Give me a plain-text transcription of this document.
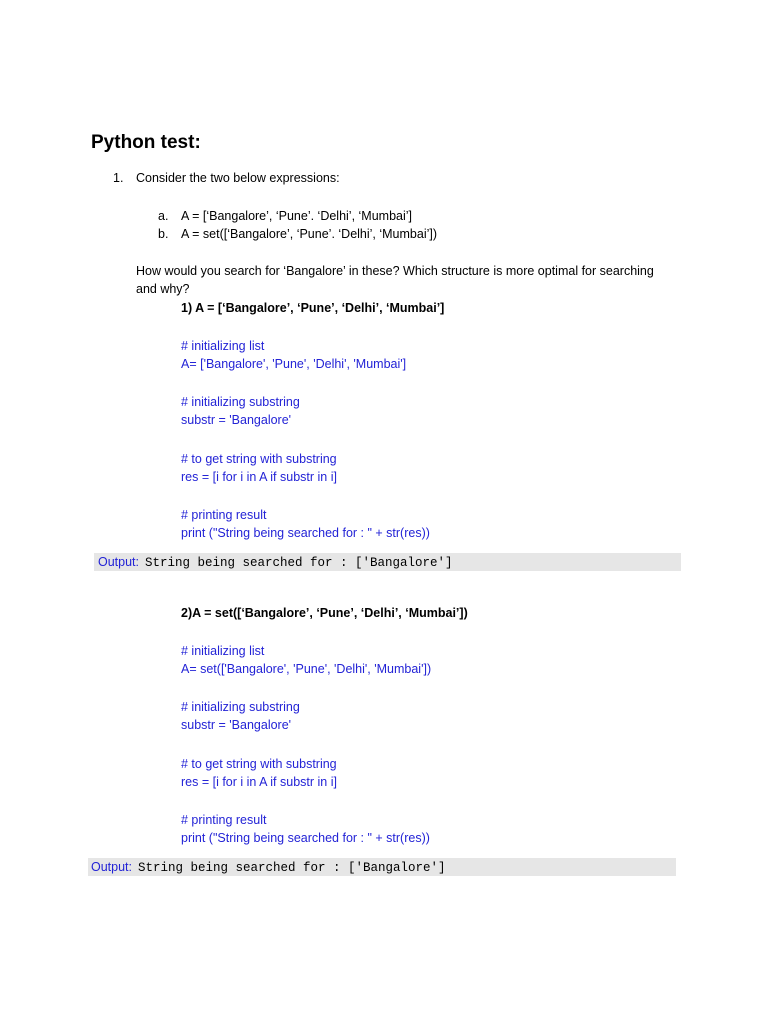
Python test:
1. Consider the two below expressions:
a. A = [‘Bangalore’, ‘Pune’. ‘Delhi’, ‘Mumbai’]
b. A = set([‘Bangalore’, ‘Pune’. ‘Delhi’, ‘Mumbai’])
How would you search for ‘Bangalore’ in these? Which structure is more optimal for searching
and why?
1) A = [‘Bangalore’, ‘Pune’, ‘Delhi’, ‘Mumbai’]
# initializing list
A= ['Bangalore', 'Pune', 'Delhi', 'Mumbai']
# initializing substring
substr = 'Bangalore'
# to get string with substring
res = [i for i in A if substr in i]
# printing result
print ("String being searched for : " + str(res))
Output: String being searched for : ['Bangalore']
2)A = set([‘Bangalore’, ‘Pune’, ‘Delhi’, ‘Mumbai’])
# initializing list
A= set(['Bangalore', 'Pune', 'Delhi', 'Mumbai'])
# initializing substring
substr = 'Bangalore'
# to get string with substring
res = [i for i in A if substr in i]
# printing result
print ("String being searched for : " + str(res))
Output: String being searched for : ['Bangalore']
